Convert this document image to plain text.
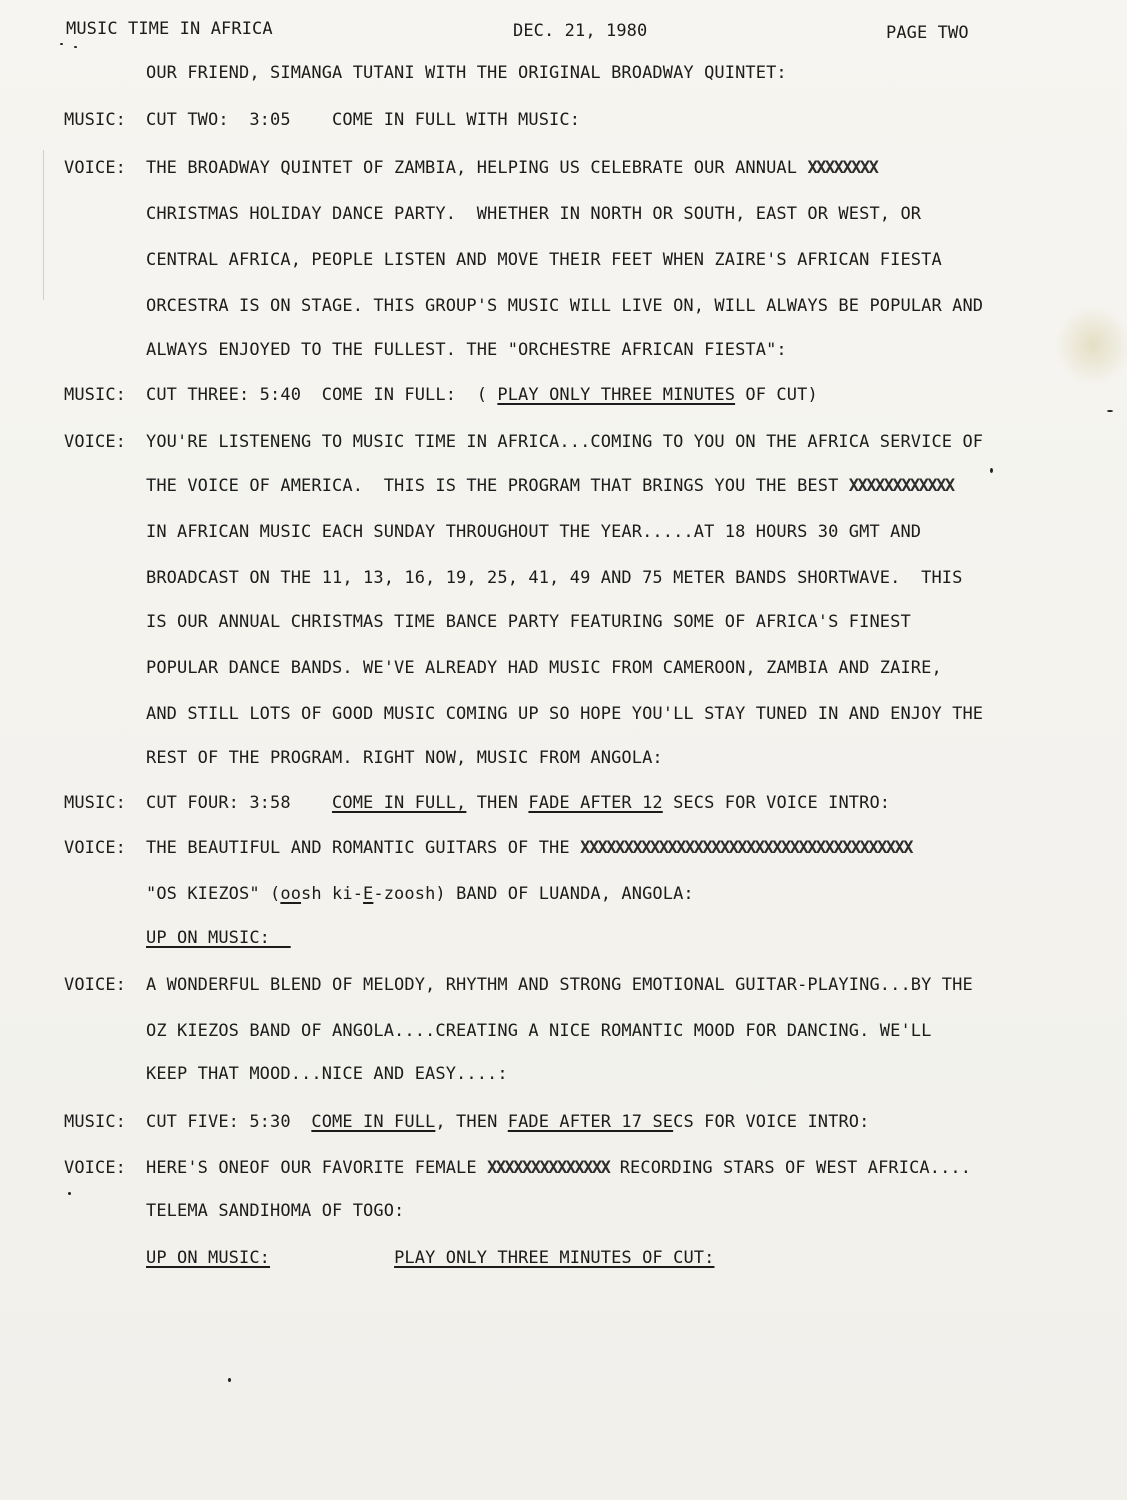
MUSIC TIME IN AFRICA	DEC. 21, 1980	PAGE TWO
OUR FRIEND, SIMANGA TUTANI WITH THE ORIGINAL BROADWAY QUINTET:
MUSIC: CUT TWO:  3:05    COME IN FULL WITH MUSIC:
VOICE: THE BROADWAY QUINTET OF ZAMBIA, HELPING US CELEBRATE OUR ANNUAL XXXXXXXX
CHRISTMAS HOLIDAY DANCE PARTY.  WHETHER IN NORTH OR SOUTH, EAST OR WEST, OR
CENTRAL AFRICA, PEOPLE LISTEN AND MOVE THEIR FEET WHEN ZAIRE'S AFRICAN FIESTA
ORCESTRA IS ON STAGE. THIS GROUP'S MUSIC WILL LIVE ON, WILL ALWAYS BE POPULAR AND
ALWAYS ENJOYED TO THE FULLEST. THE "ORCHESTRE AFRICAN FIESTA":
MUSIC: CUT THREE: 5:40  COME IN FULL:  ( PLAY ONLY THREE MINUTES OF CUT)
VOICE: YOU'RE LISTENENG TO MUSIC TIME IN AFRICA...COMING TO YOU ON THE AFRICA SERVICE OF
THE VOICE OF AMERICA.  THIS IS THE PROGRAM THAT BRINGS YOU THE BEST XXXXXXXXXXXX
IN AFRICAN MUSIC EACH SUNDAY THROUGHOUT THE YEAR.....AT 18 HOURS 30 GMT AND
BROADCAST ON THE 11, 13, 16, 19, 25, 41, 49 AND 75 METER BANDS SHORTWAVE.  THIS
IS OUR ANNUAL CHRISTMAS TIME BANCE PARTY FEATURING SOME OF AFRICA'S FINEST
POPULAR DANCE BANDS. WE'VE ALREADY HAD MUSIC FROM CAMEROON, ZAMBIA AND ZAIRE,
AND STILL LOTS OF GOOD MUSIC COMING UP SO HOPE YOU'LL STAY TUNED IN AND ENJOY THE
REST OF THE PROGRAM. RIGHT NOW, MUSIC FROM ANGOLA:
MUSIC: CUT FOUR: 3:58    COME IN FULL, THEN FADE AFTER 12 SECS FOR VOICE INTRO:
VOICE: THE BEAUTIFUL AND ROMANTIC GUITARS OF THE XXXXXXXXXXXXXXXXXXXXXXXXXXXXXXXXXXXXXX
"OS KIEZOS" (oosh ki-E-zoosh) BAND OF LUANDA, ANGOLA:
UP ON MUSIC:
VOICE: A WONDERFUL BLEND OF MELODY, RHYTHM AND STRONG EMOTIONAL GUITAR-PLAYING...BY THE
OZ KIEZOS BAND OF ANGOLA....CREATING A NICE ROMANTIC MOOD FOR DANCING. WE'LL
KEEP THAT MOOD...NICE AND EASY....:
MUSIC: CUT FIVE: 5:30  COME IN FULL, THEN FADE AFTER 17 SECS FOR VOICE INTRO:
VOICE: HERE'S ONEOF OUR FAVORITE FEMALE XXXXXXXXXXXXXX RECORDING STARS OF WEST AFRICA....
TELEMA SANDIHOMA OF TOGO:
UP ON MUSIC:	PLAY ONLY THREE MINUTES OF CUT:
